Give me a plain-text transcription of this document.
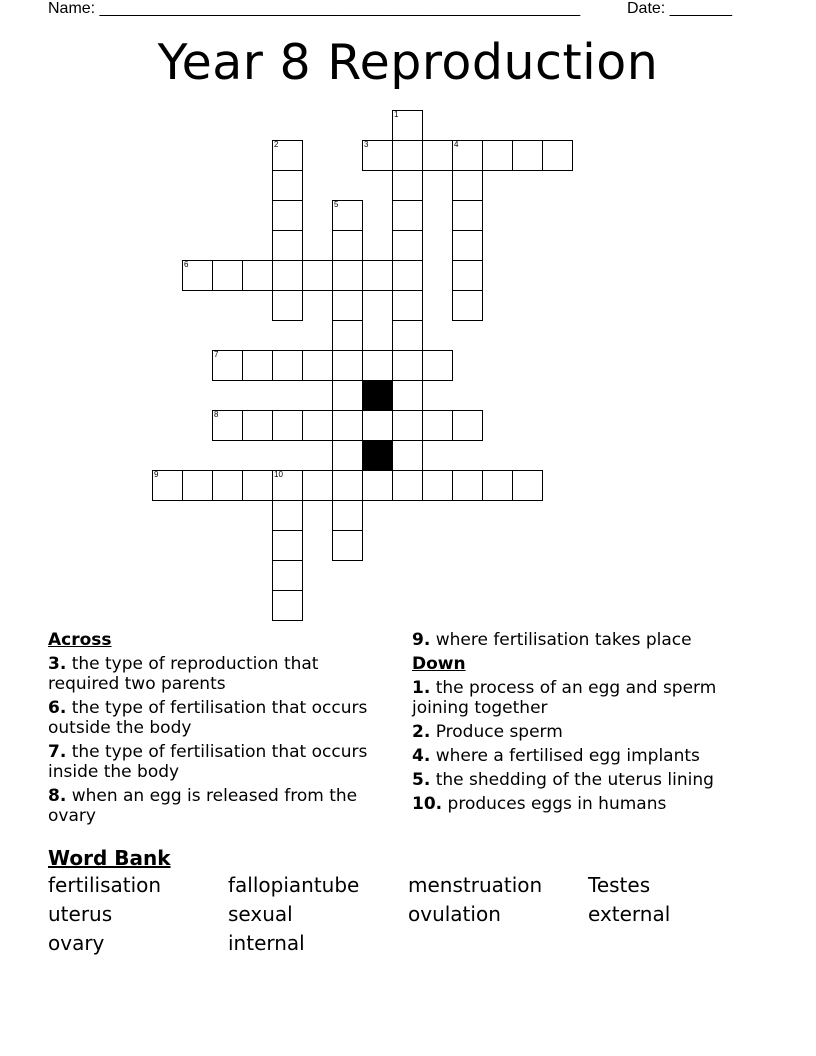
Name: ______________________________________________________	Date: _______
Year 8 Reproduction
1
2	3	4
5
6
7
8
9	10
Across
3. the type of reproduction that required two parents
6. the type of fertilisation that occurs outside the body
7. the type of fertilisation that occurs inside the body
8. when an egg is released from the ovary
9. where fertilisation takes place
Down
1. the process of an egg and sperm joining together
2. Produce sperm
4. where a fertilised egg implants
5. the shedding of the uterus lining
10. produces eggs in humans
Word Bank
fertilisation	fallopiantube	menstruation	Testes
uterus	sexual	ovulation	external
ovary	internal
